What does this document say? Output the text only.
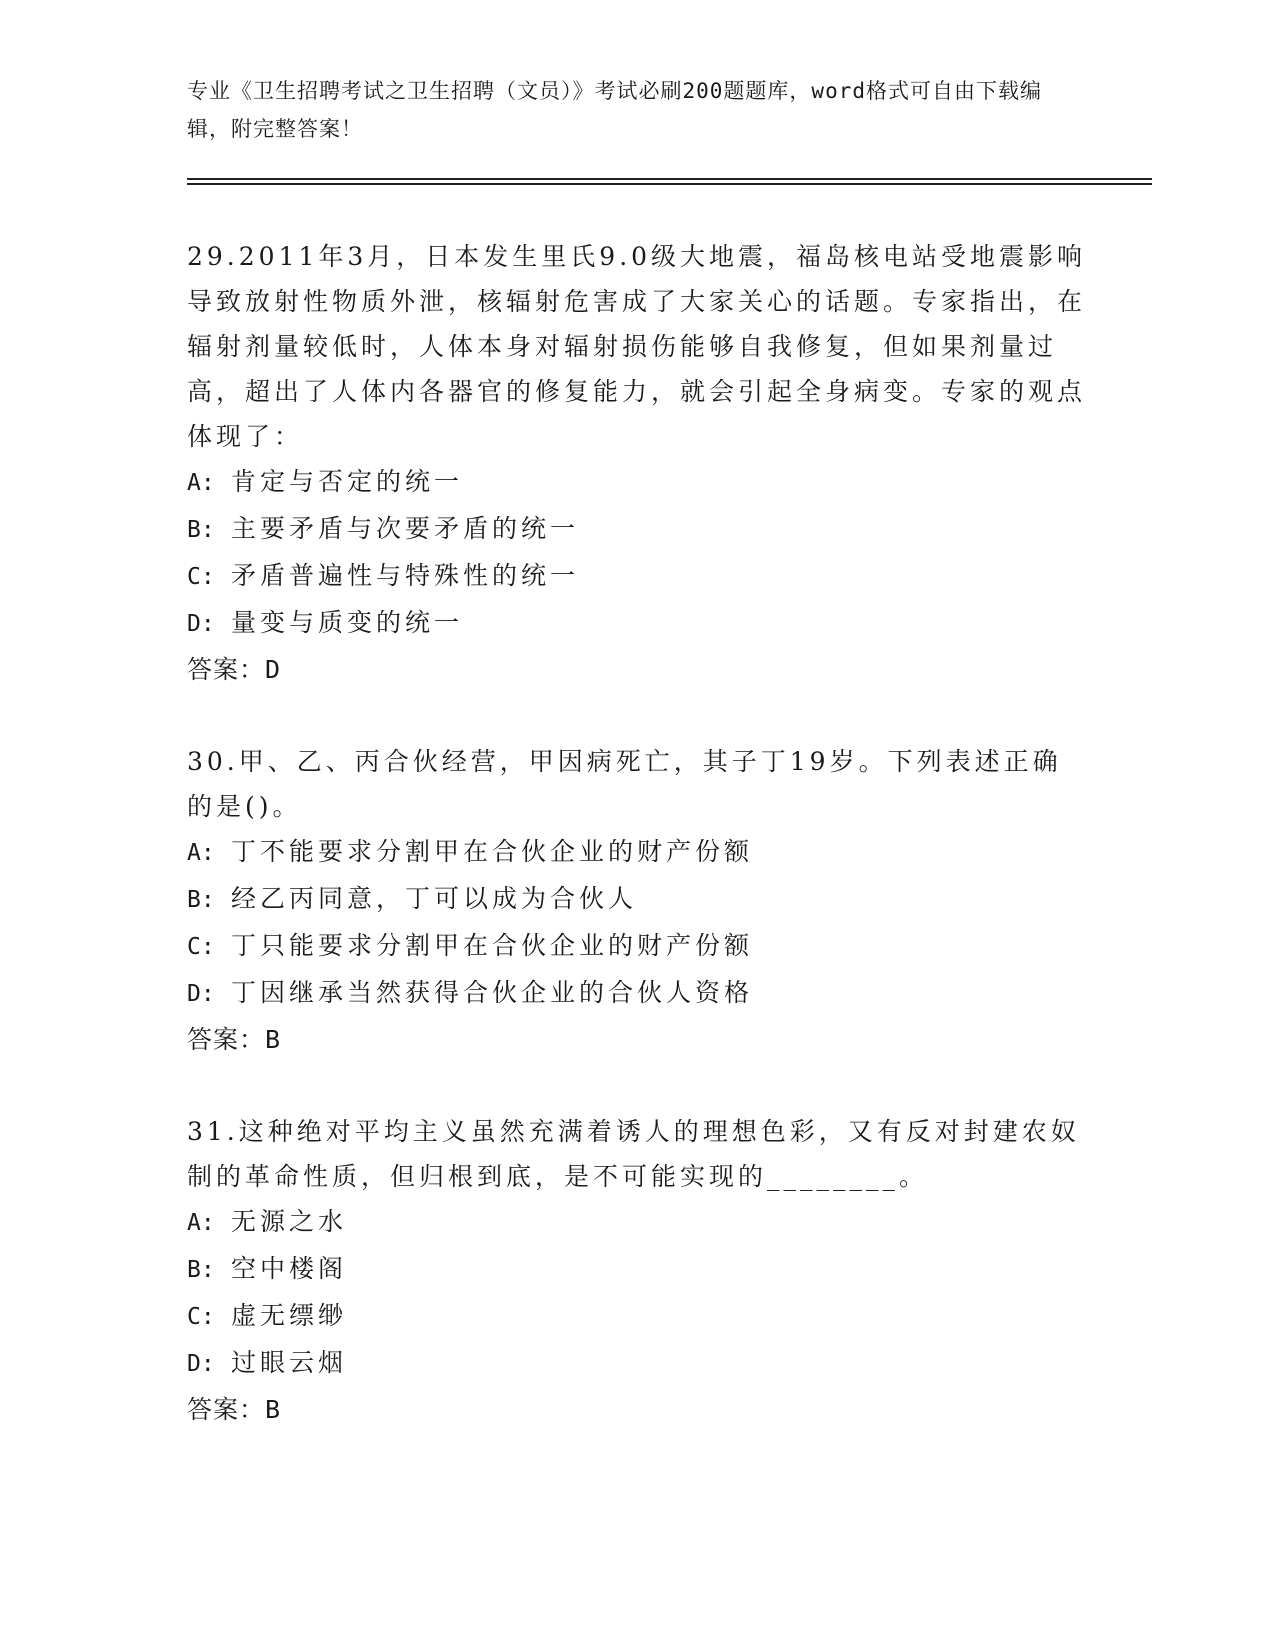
专业《卫生招聘考试之卫生招聘（文员）》考试必刷200题题库，word格式可自由下载编辑，附完整答案！

29.2011年3月，日本发生里氏9.0级大地震，福岛核电站受地震影响导致放射性物质外泄，核辐射危害成了大家关心的话题。专家指出，在辐射剂量较低时，人体本身对辐射损伤能够自我修复，但如果剂量过高，超出了人体内各器官的修复能力，就会引起全身病变。专家的观点体现了：

A: 肯定与否定的统一

B: 主要矛盾与次要矛盾的统一

C: 矛盾普遍性与特殊性的统一

D: 量变与质变的统一

答案：D

30.甲、乙、丙合伙经营，甲因病死亡，其子丁19岁。下列表述正确的是()。

A: 丁不能要求分割甲在合伙企业的财产份额

B: 经乙丙同意，丁可以成为合伙人

C: 丁只能要求分割甲在合伙企业的财产份额

D: 丁因继承当然获得合伙企业的合伙人资格

答案：B

31.这种绝对平均主义虽然充满着诱人的理想色彩，又有反对封建农奴制的革命性质，但归根到底，是不可能实现的________。

A: 无源之水

B: 空中楼阁

C: 虚无缥缈

D: 过眼云烟

答案：B
